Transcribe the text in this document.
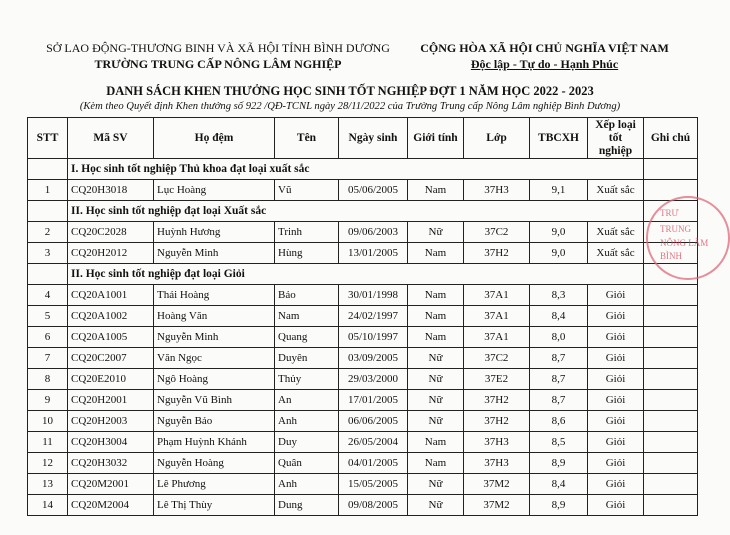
SỞ LAO ĐỘNG-THƯƠNG BINH VÀ XÃ HỘI TỈNH BÌNH DƯƠNG
TRƯỜNG TRUNG CẤP NÔNG LÂM NGHIỆP
CỘNG HÒA XÃ HỘI CHỦ NGHĨA VIỆT NAM
Độc lập - Tự do - Hạnh Phúc
DANH SÁCH KHEN THƯỞNG HỌC SINH TỐT NGHIỆP ĐỢT 1 NĂM HỌC 2022 - 2023
(Kèm theo Quyết định Khen thưởng số 922 /QĐ-TCNL ngày 28/11/2022 của Trường Trung cấp Nông Lâm nghiệp Bình Dương)
STT	Mã SV	Họ đệm	Tên	Ngày sinh	Giới tính	Lớp	TBCXH	Xếp loại tốt nghiệp	Ghi chú
	I. Học sinh tốt nghiệp Thủ khoa đạt loại xuất sắc								
1	CQ20H3018	Lục Hoàng	Vũ	05/06/2005	Nam	37H3	9,1	Xuất sắc	
	II. Học sinh tốt nghiệp đạt loại Xuất sắc								
2	CQ20C2028	Huỳnh Hương	Trinh	09/06/2003	Nữ	37C2	9,0	Xuất sắc	
3	CQ20H2012	Nguyễn Minh	Hùng	13/01/2005	Nam	37H2	9,0	Xuất sắc	
	II. Học sinh tốt nghiệp đạt loại Giỏi								
4	CQ20A1001	Thái Hoàng	Bảo	30/01/1998	Nam	37A1	8,3	Giỏi	
5	CQ20A1002	Hoàng Văn	Nam	24/02/1997	Nam	37A1	8,4	Giỏi	
6	CQ20A1005	Nguyễn Minh	Quang	05/10/1997	Nam	37A1	8,0	Giỏi	
7	CQ20C2007	Văn Ngọc	Duyên	03/09/2005	Nữ	37C2	8,7	Giỏi	
8	CQ20E2010	Ngô Hoàng	Thủy	29/03/2000	Nữ	37E2	8,7	Giỏi	
9	CQ20H2001	Nguyễn Vũ Bình	An	17/01/2005	Nữ	37H2	8,7	Giỏi	
10	CQ20H2003	Nguyễn Bảo	Anh	06/06/2005	Nữ	37H2	8,6	Giỏi	
11	CQ20H3004	Phạm Huỳnh Khánh	Duy	26/05/2004	Nam	37H3	8,5	Giỏi	
12	CQ20H3032	Nguyễn Hoàng	Quân	04/01/2005	Nam	37H3	8,9	Giỏi	
13	CQ20M2001	Lê Phương	Anh	15/05/2005	Nữ	37M2	8,4	Giỏi	
14	CQ20M2004	Lê Thị Thùy	Dung	09/08/2005	Nữ	37M2	8,9	Giỏi	
TRƯ
TRUNG
NÔNG LÂM
BÌNH
